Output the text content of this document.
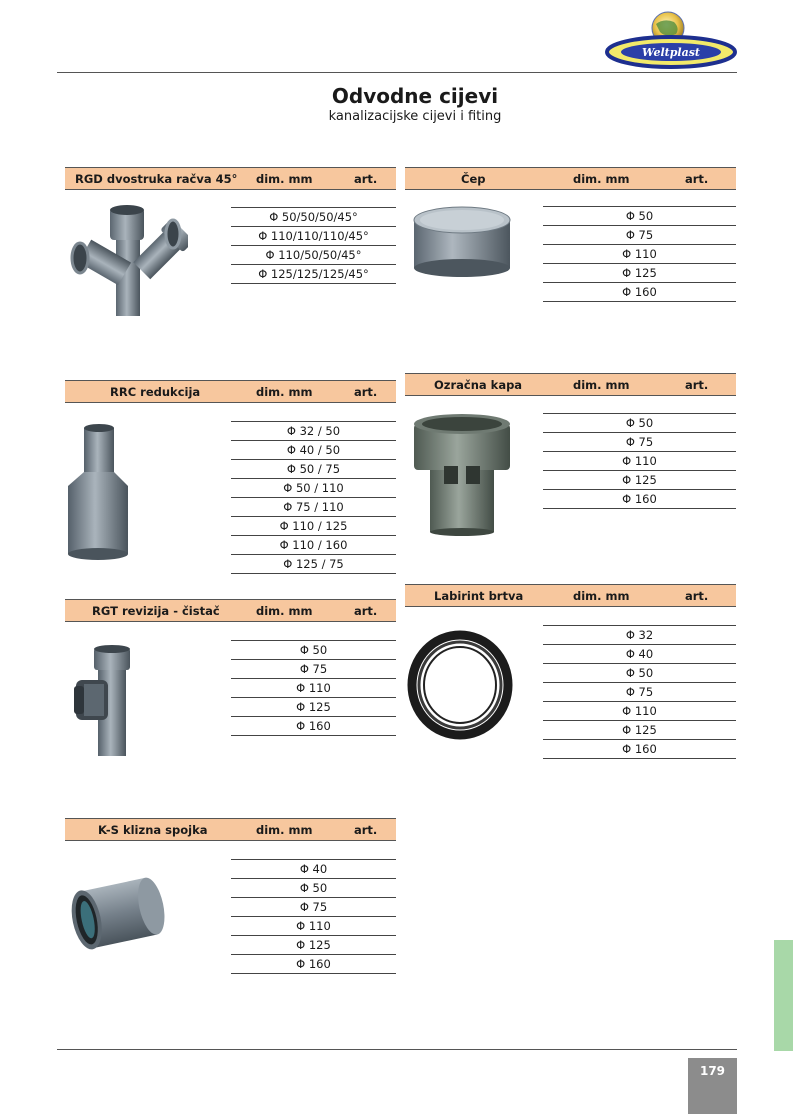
Weltplast
Odvodne cijevi
kanalizacijske cijevi i fiting
RGD dvostruka račva 45° dim. mm	art.
Φ 50/50/50/45°
Φ 110/110/110/45°
Φ 110/50/50/45°
Φ 125/125/125/45°
Čep	dim. mm	art.
Φ 50
Φ 75
Φ 110
Φ 125
Φ 160
RRC redukcija	dim. mm	art.
Φ 32 / 50
Φ 40 / 50
Φ 50 / 75
Φ 50 / 110
Φ 75 / 110
Φ 110 / 125
Φ 110 / 160
Φ 125 / 75
Ozračna kapa	dim. mm	art.
Φ 50
Φ 75
Φ 110
Φ 125
Φ 160
RGT revizija - čistač	dim. mm	art.
Φ 50
Φ 75
Φ 110
Φ 125
Φ 160
Labirint brtva	dim. mm	art.
Φ 32
Φ 40
Φ 50
Φ 75
Φ 110
Φ 125
Φ 160
K-S klizna spojka	dim. mm	art.
Φ 40
Φ 50
Φ 75
Φ 110
Φ 125
Φ 160
179
